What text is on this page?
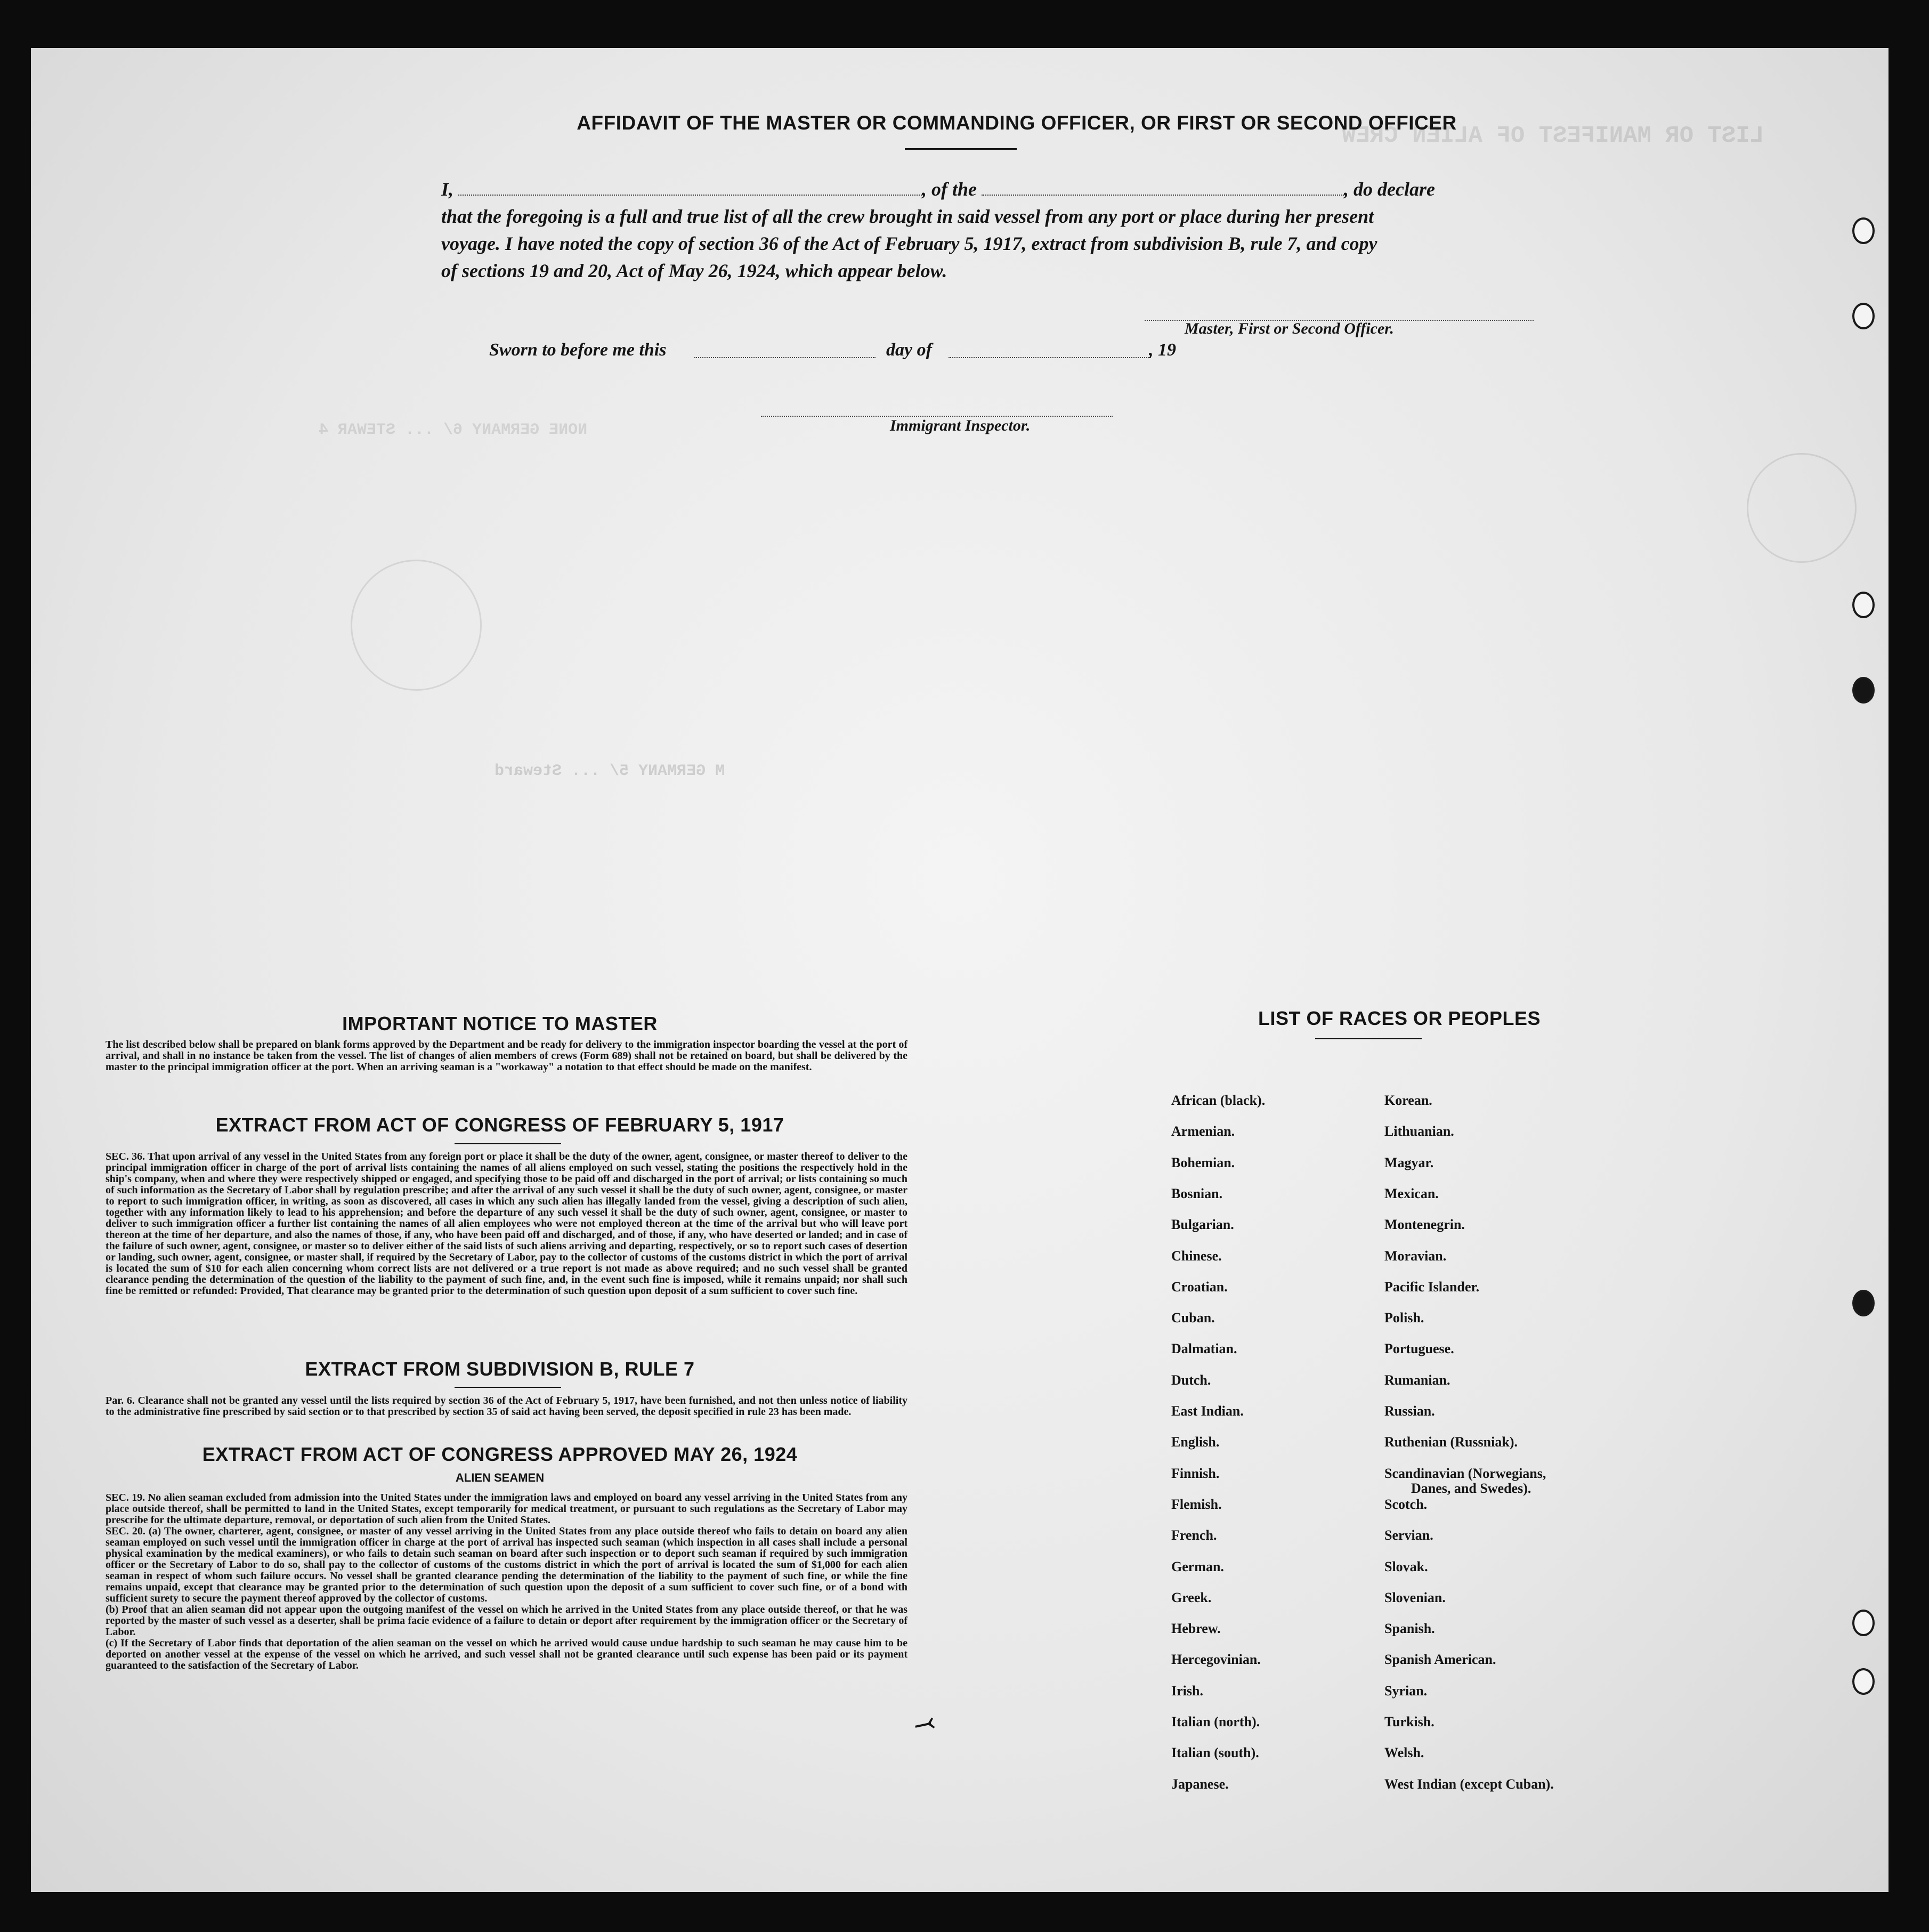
LIST OR MANIFEST OF ALIEN CREW
NONE GERMANY 6/ ... STEWAR 4
M GERMANY 5/ ... Steward
AFFIDAVIT OF THE MASTER OR COMMANDING OFFICER, OR FIRST OR SECOND OFFICER
I,	, of the	, do declare
that the foregoing is a full and true list of all the crew brought in said vessel from any port or place during her present
voyage. I have noted the copy of section 36 of the Act of February 5, 1917, extract from subdivision B, rule 7, and copy
of sections 19 and 20, Act of May 26, 1924, which appear below.
Master, First or Second Officer.
Sworn to before me this	day of	, 19
Immigrant Inspector.
IMPORTANT NOTICE TO MASTER
The list described below shall be prepared on blank forms approved by the Department and be ready for delivery to the immigration inspector boarding the vessel at the port of arrival, and shall in no instance be taken from the vessel. The list of changes of alien members of crews (Form 689) shall not be retained on board, but shall be delivered by the master to the principal immigration officer at the port. When an arriving seaman is a "workaway" a notation to that effect should be made on the manifest.
EXTRACT FROM ACT OF CONGRESS OF FEBRUARY 5, 1917
SEC. 36. That upon arrival of any vessel in the United States from any foreign port or place it shall be the duty of the owner, agent, consignee, or master thereof to deliver to the principal immigration officer in charge of the port of arrival lists containing the names of all aliens employed on such vessel, stating the positions the respectively hold in the ship's company, when and where they were respectively shipped or engaged, and specifying those to be paid off and discharged in the port of arrival; or lists containing so much of such information as the Secretary of Labor shall by regulation prescribe; and after the arrival of any such vessel it shall be the duty of such owner, agent, consignee, or master to report to such immigration officer, in writing, as soon as discovered, all cases in which any such alien has illegally landed from the vessel, giving a description of such alien, together with any information likely to lead to his apprehension; and before the departure of any such vessel it shall be the duty of such owner, agent, consignee, or master to deliver to such immigration officer a further list containing the names of all alien employees who were not employed thereon at the time of the arrival but who will leave port thereon at the time of her departure, and also the names of those, if any, who have been paid off and discharged, and of those, if any, who have deserted or landed; and in case of the failure of such owner, agent, consignee, or master so to deliver either of the said lists of such aliens arriving and departing, respectively, or so to report such cases of desertion or landing, such owner, agent, consignee, or master shall, if required by the Secretary of Labor, pay to the collector of customs of the customs district in which the port of arrival is located the sum of $10 for each alien concerning whom correct lists are not delivered or a true report is not made as above required; and no such vessel shall be granted clearance pending the determination of the question of the liability to the payment of such fine, and, in the event such fine is imposed, while it remains unpaid; nor shall such fine be remitted or refunded: Provided, That clearance may be granted prior to the determination of such question upon deposit of a sum sufficient to cover such fine.
EXTRACT FROM SUBDIVISION B, RULE 7
Par. 6. Clearance shall not be granted any vessel until the lists required by section 36 of the Act of February 5, 1917, have been furnished, and not then unless notice of liability to the administrative fine prescribed by said section or to that prescribed by section 35 of said act having been served, the deposit specified in rule 23 has been made.
EXTRACT FROM ACT OF CONGRESS APPROVED MAY 26, 1924
ALIEN SEAMEN
SEC. 19. No alien seaman excluded from admission into the United States under the immigration laws and employed on board any vessel arriving in the United States from any place outside thereof, shall be permitted to land in the United States, except temporarily for medical treatment, or pursuant to such regulations as the Secretary of Labor may prescribe for the ultimate departure, removal, or deportation of such alien from the United States.
SEC. 20. (a) The owner, charterer, agent, consignee, or master of any vessel arriving in the United States from any place outside thereof who fails to detain on board any alien seaman employed on such vessel until the immigration officer in charge at the port of arrival has inspected such seaman (which inspection in all cases shall include a personal physical examination by the medical examiners), or who fails to detain such seaman on board after such inspection or to deport such seaman if required by such immigration officer or the Secretary of Labor to do so, shall pay to the collector of customs of the customs district in which the port of arrival is located the sum of $1,000 for each alien seaman in respect of whom such failure occurs. No vessel shall be granted clearance pending the determination of the liability to the payment of such fine, or while the fine remains unpaid, except that clearance may be granted prior to the determination of such question upon the deposit of a sum sufficient to cover such fine, or of a bond with sufficient surety to secure the payment thereof approved by the collector of customs.
(b) Proof that an alien seaman did not appear upon the outgoing manifest of the vessel on which he arrived in the United States from any place outside thereof, or that he was reported by the master of such vessel as a deserter, shall be prima facie evidence of a failure to detain or deport after requirement by the immigration officer or the Secretary of Labor.
(c) If the Secretary of Labor finds that deportation of the alien seaman on the vessel on which he arrived would cause undue hardship to such seaman he may cause him to be deported on another vessel at the expense of the vessel on which he arrived, and such vessel shall not be granted clearance until such expense has been paid or its payment guaranteed to the satisfaction of the Secretary of Labor.
LIST OF RACES OR PEOPLES
⤙
African (black).
Armenian.
Bohemian.
Bosnian.
Bulgarian.
Chinese.
Croatian.
Cuban.
Dalmatian.
Dutch.
East Indian.
English.
Finnish.
Flemish.
French.
German.
Greek.
Hebrew.
Hercegovinian.
Irish.
Italian (north).
Italian (south).
Japanese.
Korean.
Lithuanian.
Magyar.
Mexican.
Montenegrin.
Moravian.
Pacific Islander.
Polish.
Portuguese.
Rumanian.
Russian.
Ruthenian (Russniak).
Scandinavian (Norwegians,
Danes, and Swedes).
Scotch.
Servian.
Slovak.
Slovenian.
Spanish.
Spanish American.
Syrian.
Turkish.
Welsh.
West Indian (except Cuban).
